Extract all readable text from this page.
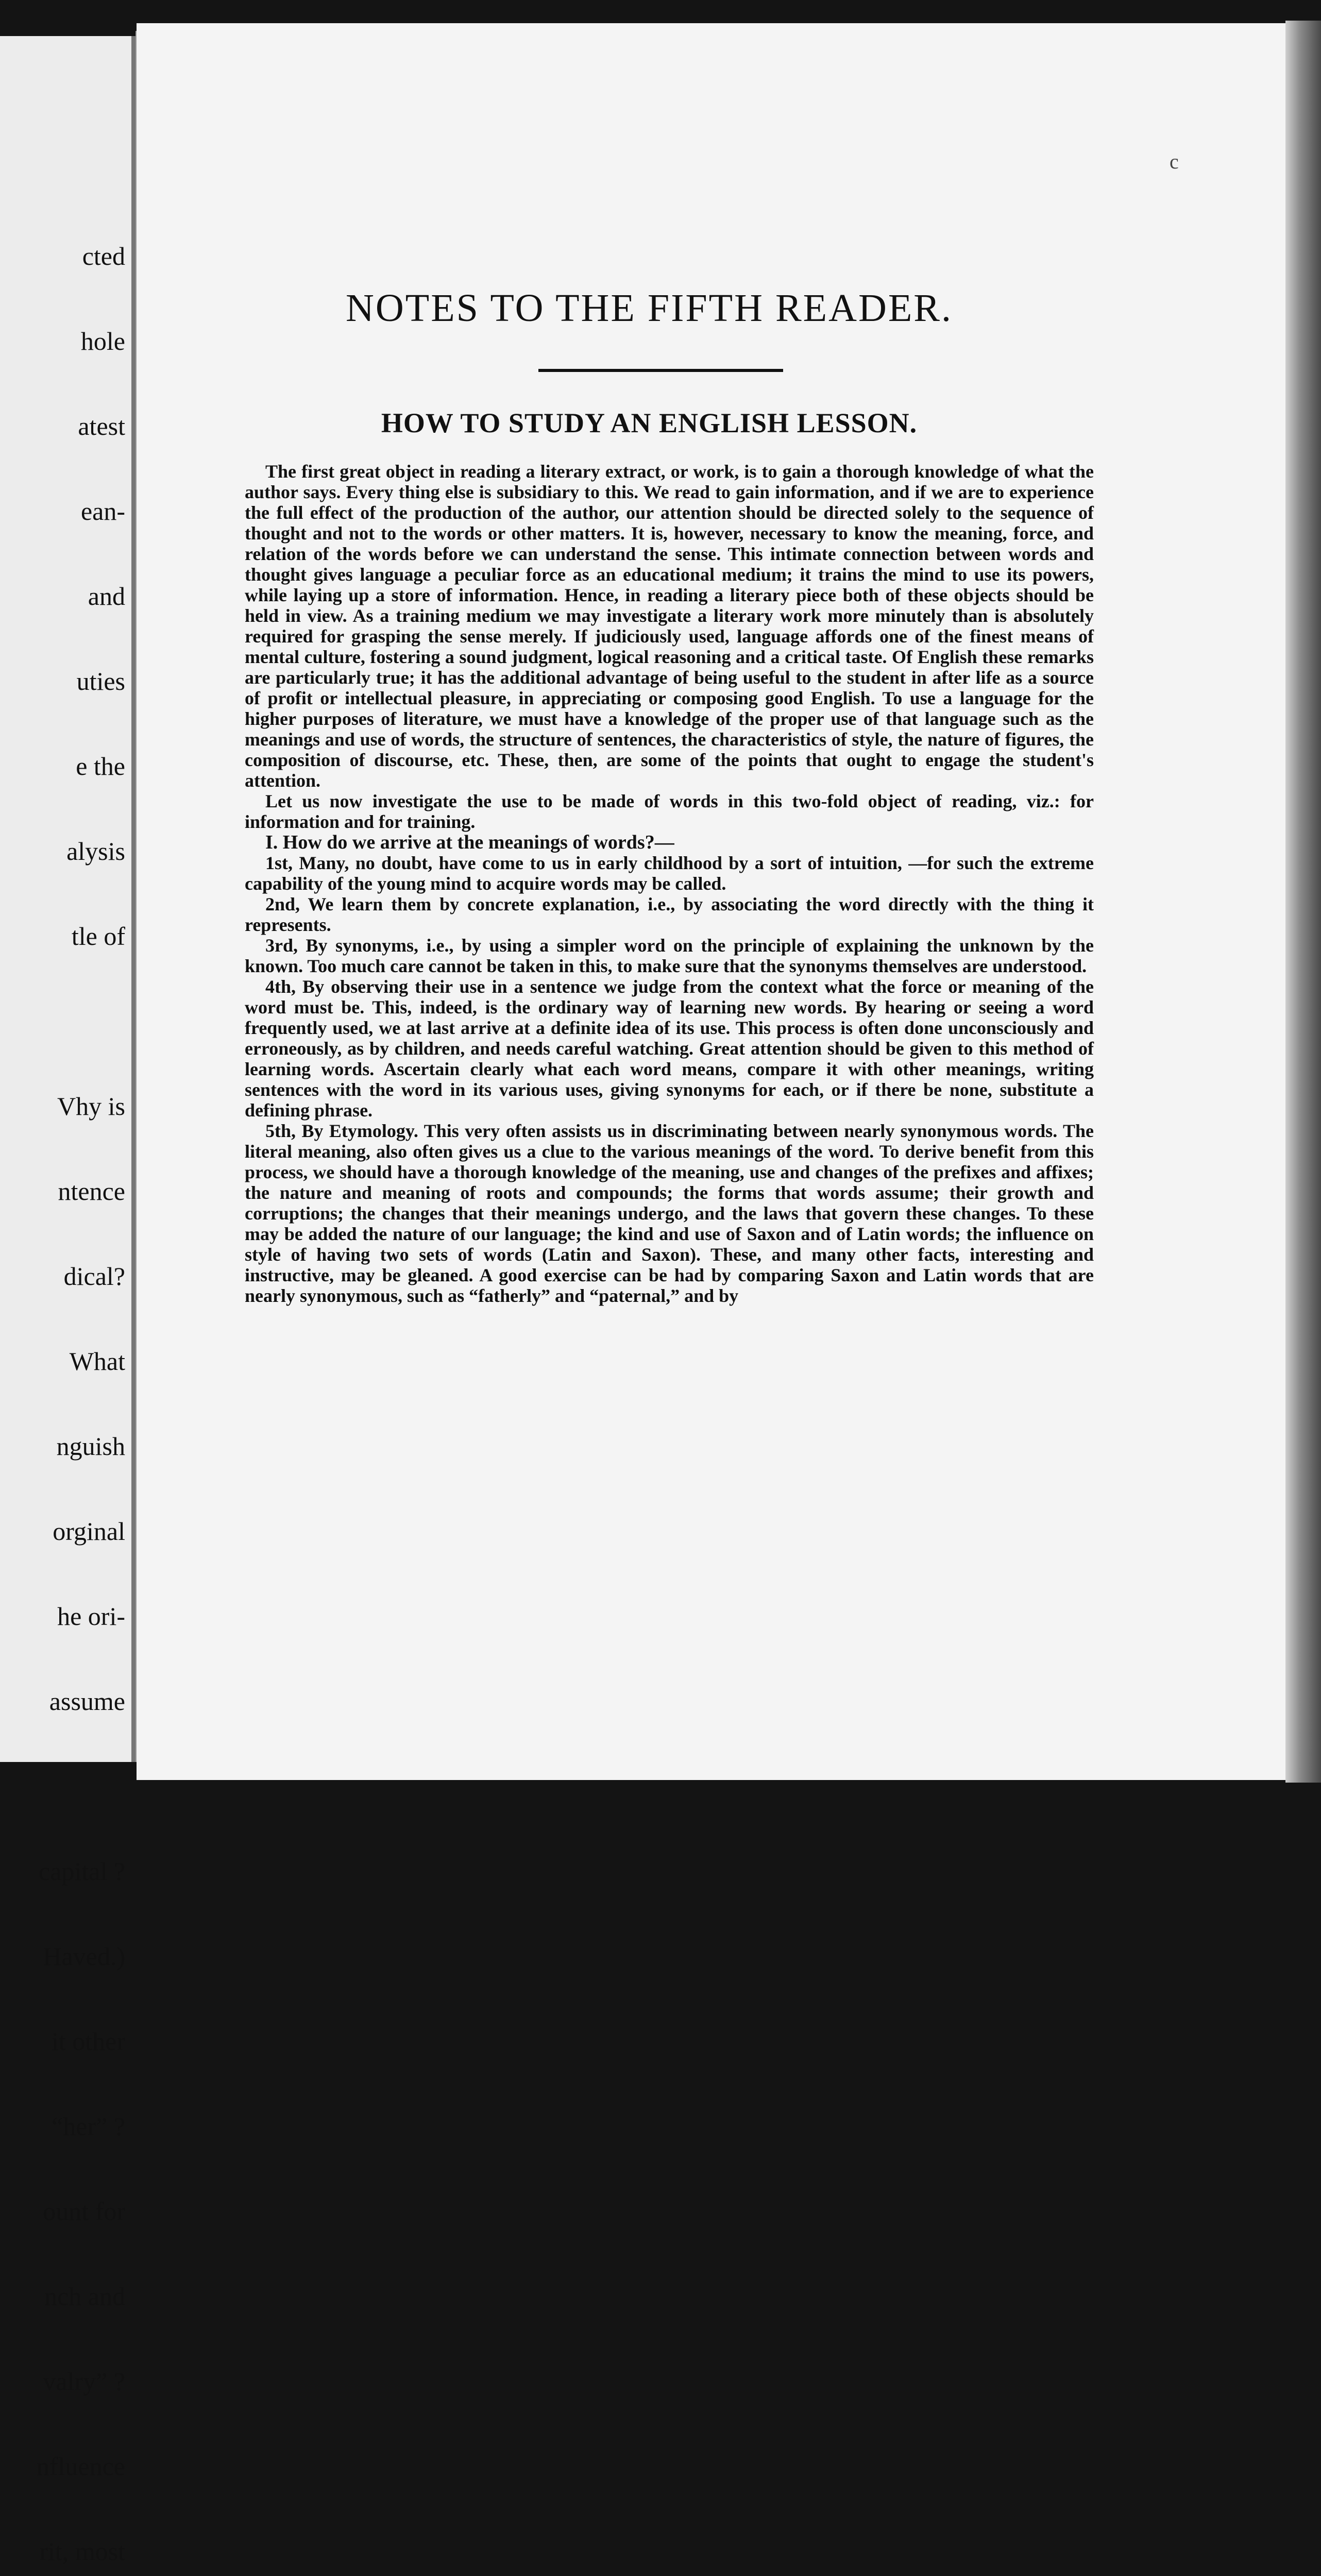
cted

hole

atest

ean-

and

uties

e the

alysis

tle of

Vhy is

ntence

dical?

What

nguish

orginal

he ori-

assume

capital ?

Haved.)

it other

“her” ?

ount for

nch and

valry” ?

nfluence

rit, most

c
NOTES TO THE FIFTH READER.
HOW TO STUDY AN ENGLISH LESSON.

The first great object in reading a literary extract, or work, is to gain a thorough knowledge of what the author says. Every thing else is subsidiary to this. We read to gain information, and if we are to experience the full effect of the production of the author, our attention should be directed solely to the sequence of thought and not to the words or other matters. It is, however, necessary to know the meaning, force, and relation of the words before we can understand the sense. This intimate connection between words and thought gives language a peculiar force as an educational medium; it trains the mind to use its powers, while laying up a store of information. Hence, in reading a literary piece both of these objects should be held in view. As a training medium we may investigate a literary work more minutely than is absolutely required for grasping the sense merely. If judiciously used, language affords one of the finest means of mental culture, fostering a sound judgment, logical reasoning and a critical taste. Of English these remarks are particularly true; it has the additional advantage of being useful to the student in after life as a source of profit or intellectual pleasure, in appreciating or composing good English. To use a language for the higher purposes of literature, we must have a knowledge of the proper use of that language such as the meanings and use of words, the structure of sentences, the characteristics of style, the nature of figures, the composition of discourse, etc. These, then, are some of the points that ought to engage the student's attention.

Let us now investigate the use to be made of words in this two-fold object of reading, viz.: for information and for training.

I. How do we arrive at the meanings of words?—

1st, Many, no doubt, have come to us in early childhood by a sort of intuition, —for such the extreme capability of the young mind to acquire words may be called.

2nd, We learn them by concrete explanation, i.e., by associating the word directly with the thing it represents.

3rd, By synonyms, i.e., by using a simpler word on the principle of explaining the unknown by the known. Too much care cannot be taken in this, to make sure that the synonyms themselves are understood.

4th, By observing their use in a sentence we judge from the context what the force or meaning of the word must be. This, indeed, is the ordinary way of learning new words. By hearing or seeing a word frequently used, we at last arrive at a definite idea of its use. This process is often done unconsciously and erroneously, as by children, and needs careful watching. Great attention should be given to this method of learning words. Ascertain clearly what each word means, compare it with other meanings, writing sentences with the word in its various uses, giving synonyms for each, or if there be none, substitute a defining phrase.

5th, By Etymology. This very often assists us in discriminating between nearly synonymous words. The literal meaning, also often gives us a clue to the various meanings of the word. To derive benefit from this process, we should have a thorough knowledge of the meaning, use and changes of the prefixes and affixes; the nature and meaning of roots and compounds; the forms that words assume; their growth and corruptions; the changes that their meanings undergo, and the laws that govern these changes. To these may be added the nature of our language; the kind and use of Saxon and of Latin words; the influence on style of having two sets of words (Latin and Saxon). These, and many other facts, interesting and instructive, may be gleaned. A good exercise can be had by comparing Saxon and Latin words that are nearly synonymous, such as “fatherly” and “paternal,” and by
